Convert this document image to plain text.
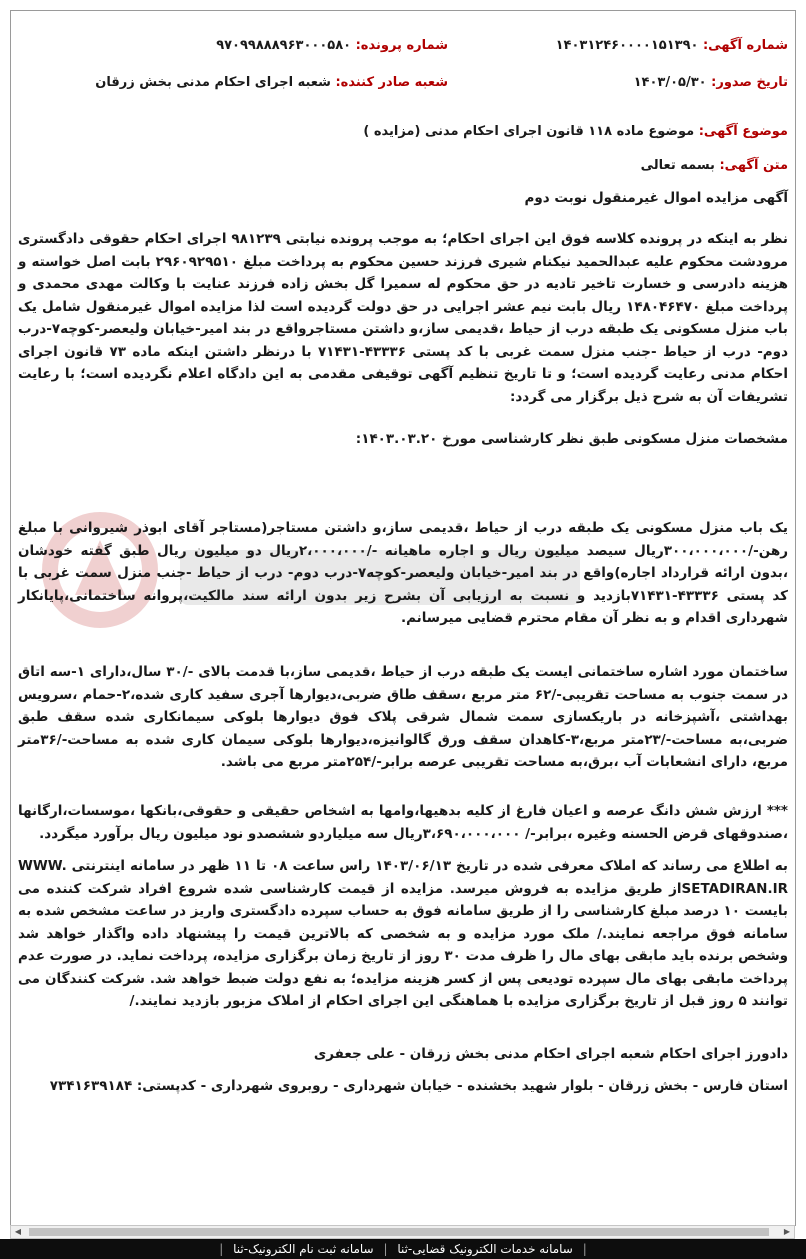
شماره آگهی: ۱۴۰۳۱۲۴۶۰۰۰۰۱۵۱۳۹۰
شماره پرونده: ۹۷۰۹۹۸۸۸۹۶۳۰۰۰۵۸۰
تاریخ صدور: ۱۴۰۳/۰۵/۳۰
شعبه صادر کننده: شعبه اجرای احکام مدنی بخش زرقان
موضوع آگهی: موضوع ماده ۱۱۸ قانون اجرای احکام مدنی (مزایده )
متن آگهی: بسمه تعالی
آگهی مزایده اموال غیرمنقول نوبت دوم

نظر به اینکه در پرونده کلاسه فوق این اجرای احکام؛ به موجب پرونده نیابتی ۹۸۱۲۳۹ اجرای احکام حقوقی دادگستری مرودشت محکوم علیه عبدالحمید نیکنام شیری فرزند حسین محکوم به پرداخت مبلغ ۲۹۶۰۹۲۹۵۱۰ بابت اصل خواسته و هزینه دادرسی و خسارت تاخیر تادیه در حق محکوم له سمیرا گل بخش زاده فرزند عنایت با وکالت مهدی محمدی و پرداخت مبلغ ۱۴۸۰۴۶۴۷۰ ریال بابت نیم عشر اجرایی در حق دولت گردیده است لذا مزایده اموال غیرمنقول شامل یک باب منزل مسکونی یک طبقه درب از حیاط ،قدیمی ساز،و داشتن مستاجرواقع در بند امیر-خیابان ولیعصر-کوچه۷-درب دوم- درب از حیاط -جنب منزل سمت غربی با کد پستی ۴۳۳۳۶-۷۱۴۳۱ با درنظر داشتن اینکه ماده ۷۳ قانون اجرای احکام مدنی رعایت گردیده است؛ و تا تاریخ تنظیم آگهی توقیفی مقدمی به این دادگاه اعلام نگردیده است؛ با رعایت تشریفات آن به شرح ذیل برگزار می گردد:

مشخصات منزل مسکونی طبق نظر کارشناسی مورخ ۱۴۰۳.۰۳.۲۰:

یک باب منزل مسکونی یک طبقه درب از حیاط ،قدیمی ساز،و داشتن مستاجر(مستاجر آقای ابوذر شیروانی با مبلغ رهن-/۳۰۰،۰۰۰،۰۰۰ریال سیصد میلیون ریال و اجاره ماهیانه -/۲،۰۰۰،۰۰۰ریال دو میلیون ریال طبق گفته خودشان ،بدون ارائه قرارداد اجاره)واقع در بند امیر-خیابان ولیعصر-کوچه۷-درب دوم- درب از حیاط -جنب منزل سمت غربی با کد پستی ۴۳۳۳۶-۷۱۴۳۱بازدید و نسبت به ارزیابی آن بشرح زیر بدون ارائه سند مالکیت،پروانه ساختمانی،پایانکار شهرداری اقدام و به نظر آن مقام محترم قضایی میرسانم.

ساختمان مورد اشاره ساختمانی ایست یک طبقه درب از حیاط ،قدیمی ساز،با قدمت بالای -/۳۰ سال،دارای ۱-سه اتاق در سمت جنوب به مساحت تقریبی-/۶۲ متر مربع ،سقف طاق ضربی،دیوارها آجری سفید کاری شده،۲-حمام ،سرویس بهداشتی ،آشپزخانه در باریکسازی سمت شمال شرقی پلاک فوق دیوارها بلوکی سیمانکاری شده سقف طبق ضربی،به مساحت-/۲۳متر مربع،۳-کاهدان سقف ورق گالوانیزه،دیوارها بلوکی سیمان کاری شده به مساحت-/۳۶متر مربع، دارای انشعابات آب ،برق،به مساحت تقریبی عرصه برابر-/۲۵۴متر مربع می باشد.

*** ارزش شش دانگ عرصه و اعیان فارغ از کلیه بدهیها،وامها به اشخاص حقیقی و حقوقی،بانکها ،موسسات،ارگانها ،صندوقهای قرض الحسنه وغیره ،برابر-/ ۳،۶۹۰،۰۰۰،۰۰۰ریال سه میلیاردو ششصدو نود میلیون ریال برآورد میگردد.

به اطلاع می رساند که املاک معرفی شده در تاریخ ۱۴۰۳/۰۶/۱۳ راس ساعت ۰۸ تا ۱۱ ظهر در سامانه اینترنتی WWW. SETADIRAN.IRاز طریق مزایده به فروش میرسد. مزایده از قیمت کارشناسی شده شروع افراد شرکت کننده می بایست ۱۰ درصد مبلغ کارشناسی را از طریق سامانه فوق به حساب سپرده دادگستری واریز در ساعت مشخص شده به سامانه فوق مراجعه نمایند./ ملک مورد مزایده و به شخصی که بالاترین قیمت را پیشنهاد داده واگذار خواهد شد وشخص برنده باید مابقی بهای مال را ظرف مدت ۳۰ روز از تاریخ زمان برگزاری مزایده، پرداخت نماید. در صورت عدم پرداخت مابقی بهای مال سپرده تودیعی پس از کسر هزینه مزایده؛ به نفع دولت ضبط خواهد شد. شرکت کنندگان می توانند ۵ روز قبل از تاریخ برگزاری مزایده با هماهنگی این اجرای احکام از املاک مزبور بازدید نمایند./

دادورز اجرای احکام شعبه اجرای احکام مدنی بخش زرقان - علی جعفری
استان فارس - بخش زرقان - بلوار شهید بخشنده - خیابان شهرداری - روبروی شهرداری - کدپستی: ۷۳۴۱۶۳۹۱۸۴
◀	▶
| سامانه خدمات الکترونیک قضایی-ثنا | سامانه ثبت نام الکترونیک-ثنا |
